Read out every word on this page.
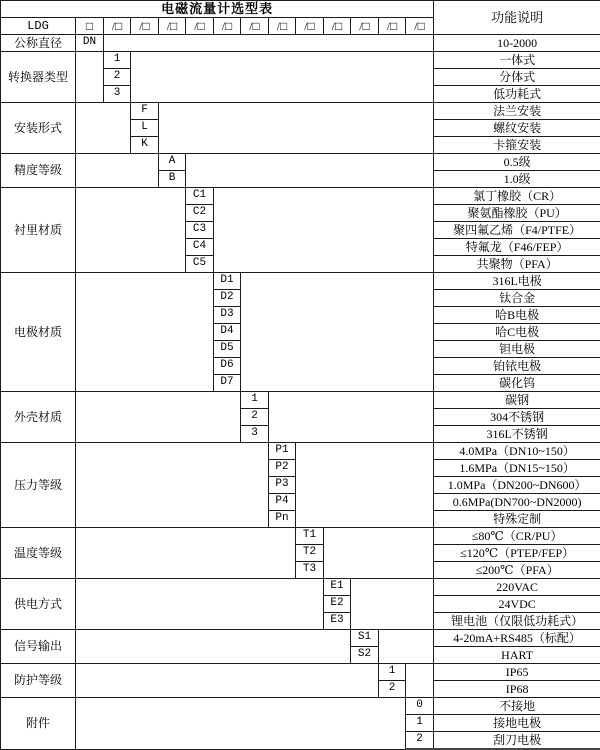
电磁流量计选型表														功能说明
LDG	□	/□	/□	/□	/□	/□	/□	/□	/□	/□	/□	/□	/□	
公称直径	DN													10-2000
转换器类型		1												一体式
		2												分体式
		3												低功耗式
安装形式			F											法兰安装
			L											螺纹安装
			K											卡箍安装
精度等级				A										0.5级
				B										1.0级
衬里材质					C1									氯丁橡胶（CR）
					C2									聚氨酯橡胶（PU）
					C3									聚四氟乙烯（F4/PTFE）
					C4									特氟龙（F46/FEP）
					C5									共聚物（PFA）
电极材质						D1								316L电极
						D2								钛合金
						D3								哈B电极
						D4								哈C电极
						D5								钽电极
						D6								铂铱电极
						D7								碳化钨
外壳材质							1							碳钢
							2							304不锈钢
							3							316L不锈钢
压力等级								P1						4.0MPa（DN10~150）
								P2						1.6MPa（DN15~150）
								P3						1.0MPa（DN200~DN600）
								P4						0.6MPa(DN700~DN2000)
								Pn						特殊定制
温度等级									T1					≤80℃（CR/PU）
									T2					≤120℃（PTEP/FEP）
									T3					≤200℃（PFA）
供电方式										E1				220VAC
										E2				24VDC
										E3				锂电池（仅限低功耗式）
信号输出											S1			4-20mA+RS485（标配）
											S2			HART
防护等级												1		IP65
												2		IP68
附件													0	不接地
													1	接地电极
													2	刮刀电极
